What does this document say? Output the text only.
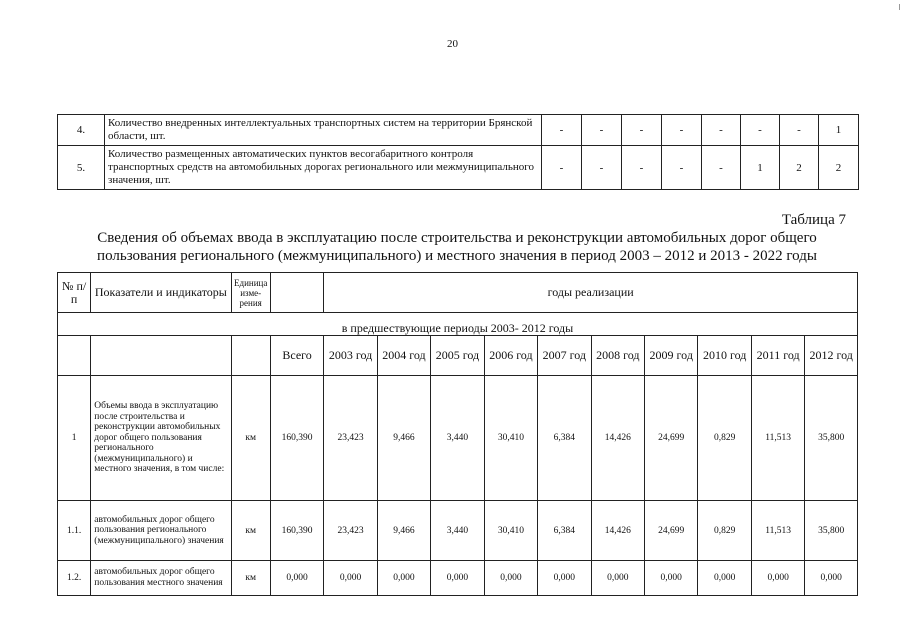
20
4.	Количество внедренных интеллектуальных транспортных систем на территории Брянской области, шт.	-	-	-	-	-	-	-	1
5.	Количество размещенных автоматических пунктов весогабаритного контроля транспортных средств на автомобильных дорогах регионального или межмуниципального значения, шт.	-	-	-	-	-	1	2	2
Таблица 7
Сведения об объемах ввода в эксплуатацию после строительства и реконструкции автомобильных дорог общего пользования регионального (межмуниципального) и местного значения в период 2003 – 2012 и 2013 - 2022 годы
№ п/п	Показатели и индикаторы	Единица изме-рения		годы реализации									
в предшествующие периоды 2003- 2012 годы													
			Всего	2003 год	2004 год	2005 год	2006 год	2007 год	2008 год	2009 год	2010 год	2011 год	2012 год
1	Объемы ввода в эксплуатацию после строительства и реконструкции автомобильных дорог общего пользования регионального (межмуниципального) и местного значения, в том числе:	км	160,390	23,423	9,466	3,440	30,410	6,384	14,426	24,699	0,829	11,513	35,800
1.1.	автомобильных дорог общего пользования регионального (межмуниципального) значения	км	160,390	23,423	9,466	3,440	30,410	6,384	14,426	24,699	0,829	11,513	35,800
1.2.	автомобильных дорог общего пользования местного значения	км	0,000	0,000	0,000	0,000	0,000	0,000	0,000	0,000	0,000	0,000	0,000
